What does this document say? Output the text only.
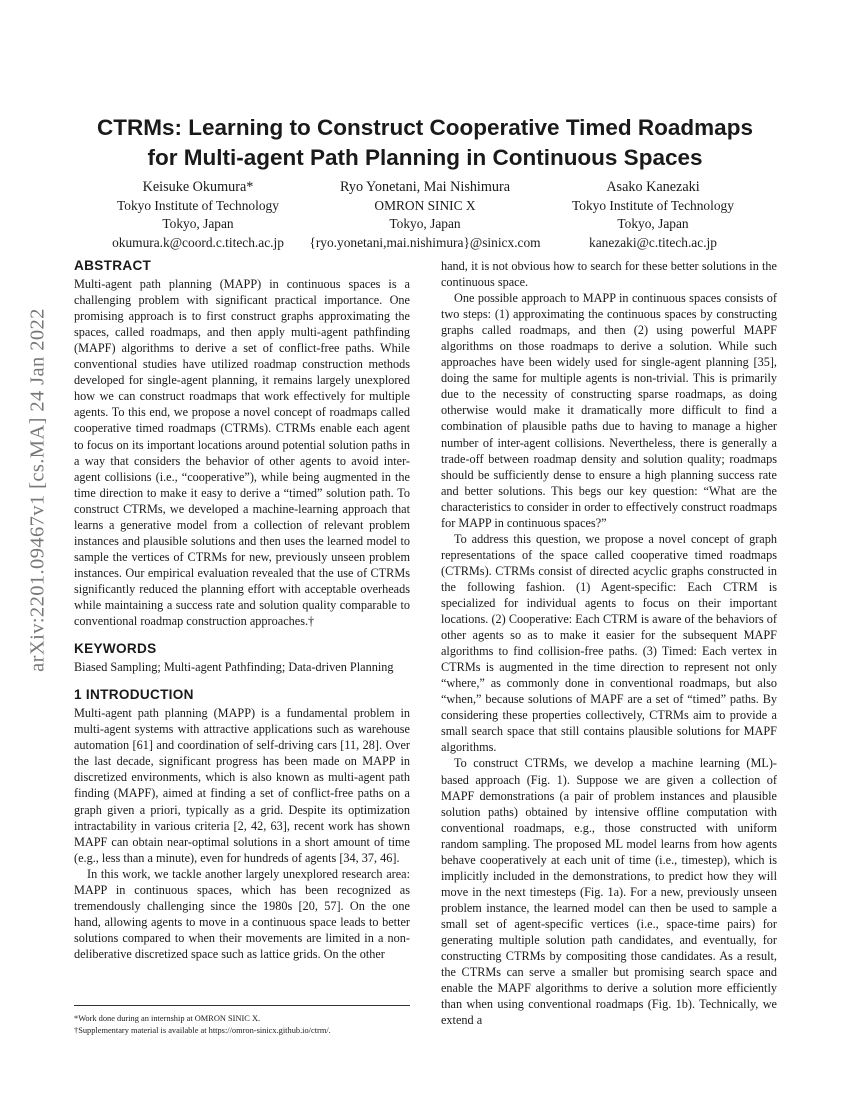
CTRMs: Learning to Construct Cooperative Timed Roadmaps
for Multi-agent Path Planning in Continuous Spaces
Keisuke Okumura*
Tokyo Institute of Technology
Tokyo, Japan
okumura.k@coord.c.titech.ac.jp
Ryo Yonetani, Mai Nishimura
OMRON SINIC X
Tokyo, Japan
{ryo.yonetani,mai.nishimura}@sinicx.com
Asako Kanezaki
Tokyo Institute of Technology
Tokyo, Japan
kanezaki@c.titech.ac.jp
arXiv:2201.09467v1 [cs.MA] 24 Jan 2022
ABSTRACT

Multi-agent path planning (MAPP) in continuous spaces is a challenging problem with significant practical importance. One promising approach is to first construct graphs approximating the spaces, called roadmaps, and then apply multi-agent pathfinding (MAPF) algorithms to derive a set of conflict-free paths. While conventional studies have utilized roadmap construction methods developed for single-agent planning, it remains largely unexplored how we can construct roadmaps that work effectively for multiple agents. To this end, we propose a novel concept of roadmaps called cooperative timed roadmaps (CTRMs). CTRMs enable each agent to focus on its important locations around potential solution paths in a way that considers the behavior of other agents to avoid inter-agent collisions (i.e., “cooperative”), while being augmented in the time direction to make it easy to derive a “timed” solution path. To construct CTRMs, we developed a machine-learning approach that learns a generative model from a collection of relevant problem instances and plausible solutions and then uses the learned model to sample the vertices of CTRMs for new, previously unseen problem instances. Our empirical evaluation revealed that the use of CTRMs significantly reduced the planning effort with acceptable overheads while maintaining a success rate and solution quality comparable to conventional roadmap construction approaches.†

KEYWORDS

Biased Sampling; Multi-agent Pathfinding; Data-driven Planning

1 INTRODUCTION

Multi-agent path planning (MAPP) is a fundamental problem in multi-agent systems with attractive applications such as warehouse automation [61] and coordination of self-driving cars [11, 28]. Over the last decade, significant progress has been made on MAPP in discretized environments, which is also known as multi-agent path finding (MAPF), aimed at finding a set of conflict-free paths on a graph given a priori, typically as a grid. Despite its optimization intractability in various criteria [2, 42, 63], recent work has shown MAPF can obtain near-optimal solutions in a short amount of time (e.g., less than a minute), even for hundreds of agents [34, 37, 46].

In this work, we tackle another largely unexplored research area: MAPP in continuous spaces, which has been recognized as tremendously challenging since the 1980s [20, 57]. On the one hand, allowing agents to move in a continuous space leads to better solutions compared to when their movements are limited in a non-deliberative discretized space such as lattice grids. On the other

*Work done during an internship at OMRON SINIC X.
†Supplementary material is available at https://omron-sinicx.github.io/ctrm/.

hand, it is not obvious how to search for these better solutions in the continuous space.

One possible approach to MAPP in continuous spaces consists of two steps: (1) approximating the continuous spaces by constructing graphs called roadmaps, and then (2) using powerful MAPF algorithms on those roadmaps to derive a solution. While such approaches have been widely used for single-agent planning [35], doing the same for multiple agents is non-trivial. This is primarily due to the necessity of constructing sparse roadmaps, as doing otherwise would make it dramatically more difficult to find a combination of plausible paths due to having to manage a higher number of inter-agent collisions. Nevertheless, there is generally a trade-off between roadmap density and solution quality; roadmaps should be sufficiently dense to ensure a high planning success rate and better solutions. This begs our key question: “What are the characteristics to consider in order to effectively construct roadmaps for MAPP in continuous spaces?”

To address this question, we propose a novel concept of graph representations of the space called cooperative timed roadmaps (CTRMs). CTRMs consist of directed acyclic graphs constructed in the following fashion. (1) Agent-specific: Each CTRM is specialized for individual agents to focus on their important locations. (2) Cooperative: Each CTRM is aware of the behaviors of other agents so as to make it easier for the subsequent MAPF algorithms to find collision-free paths. (3) Timed: Each vertex in CTRMs is augmented in the time direction to represent not only “where,” as commonly done in conventional roadmaps, but also “when,” because solutions of MAPF are a set of “timed” paths. By considering these properties collectively, CTRMs aim to provide a small search space that still contains plausible solutions for MAPF algorithms.

To construct CTRMs, we develop a machine learning (ML)-based approach (Fig. 1). Suppose we are given a collection of MAPF demonstrations (a pair of problem instances and plausible solution paths) obtained by intensive offline computation with conventional roadmaps, e.g., those constructed with uniform random sampling. The proposed ML model learns from how agents behave cooperatively at each unit of time (i.e., timestep), which is implicitly included in the demonstrations, to predict how they will move in the next timesteps (Fig. 1a). For a new, previously unseen problem instance, the learned model can then be used to sample a small set of agent-specific vertices (i.e., space-time pairs) for generating multiple solution path candidates, and eventually, for constructing CTRMs by compositing those candidates. As a result, the CTRMs can serve a smaller but promising search space and enable the MAPF algorithms to derive a solution more efficiently than when using conventional roadmaps (Fig. 1b). Technically, we extend a
